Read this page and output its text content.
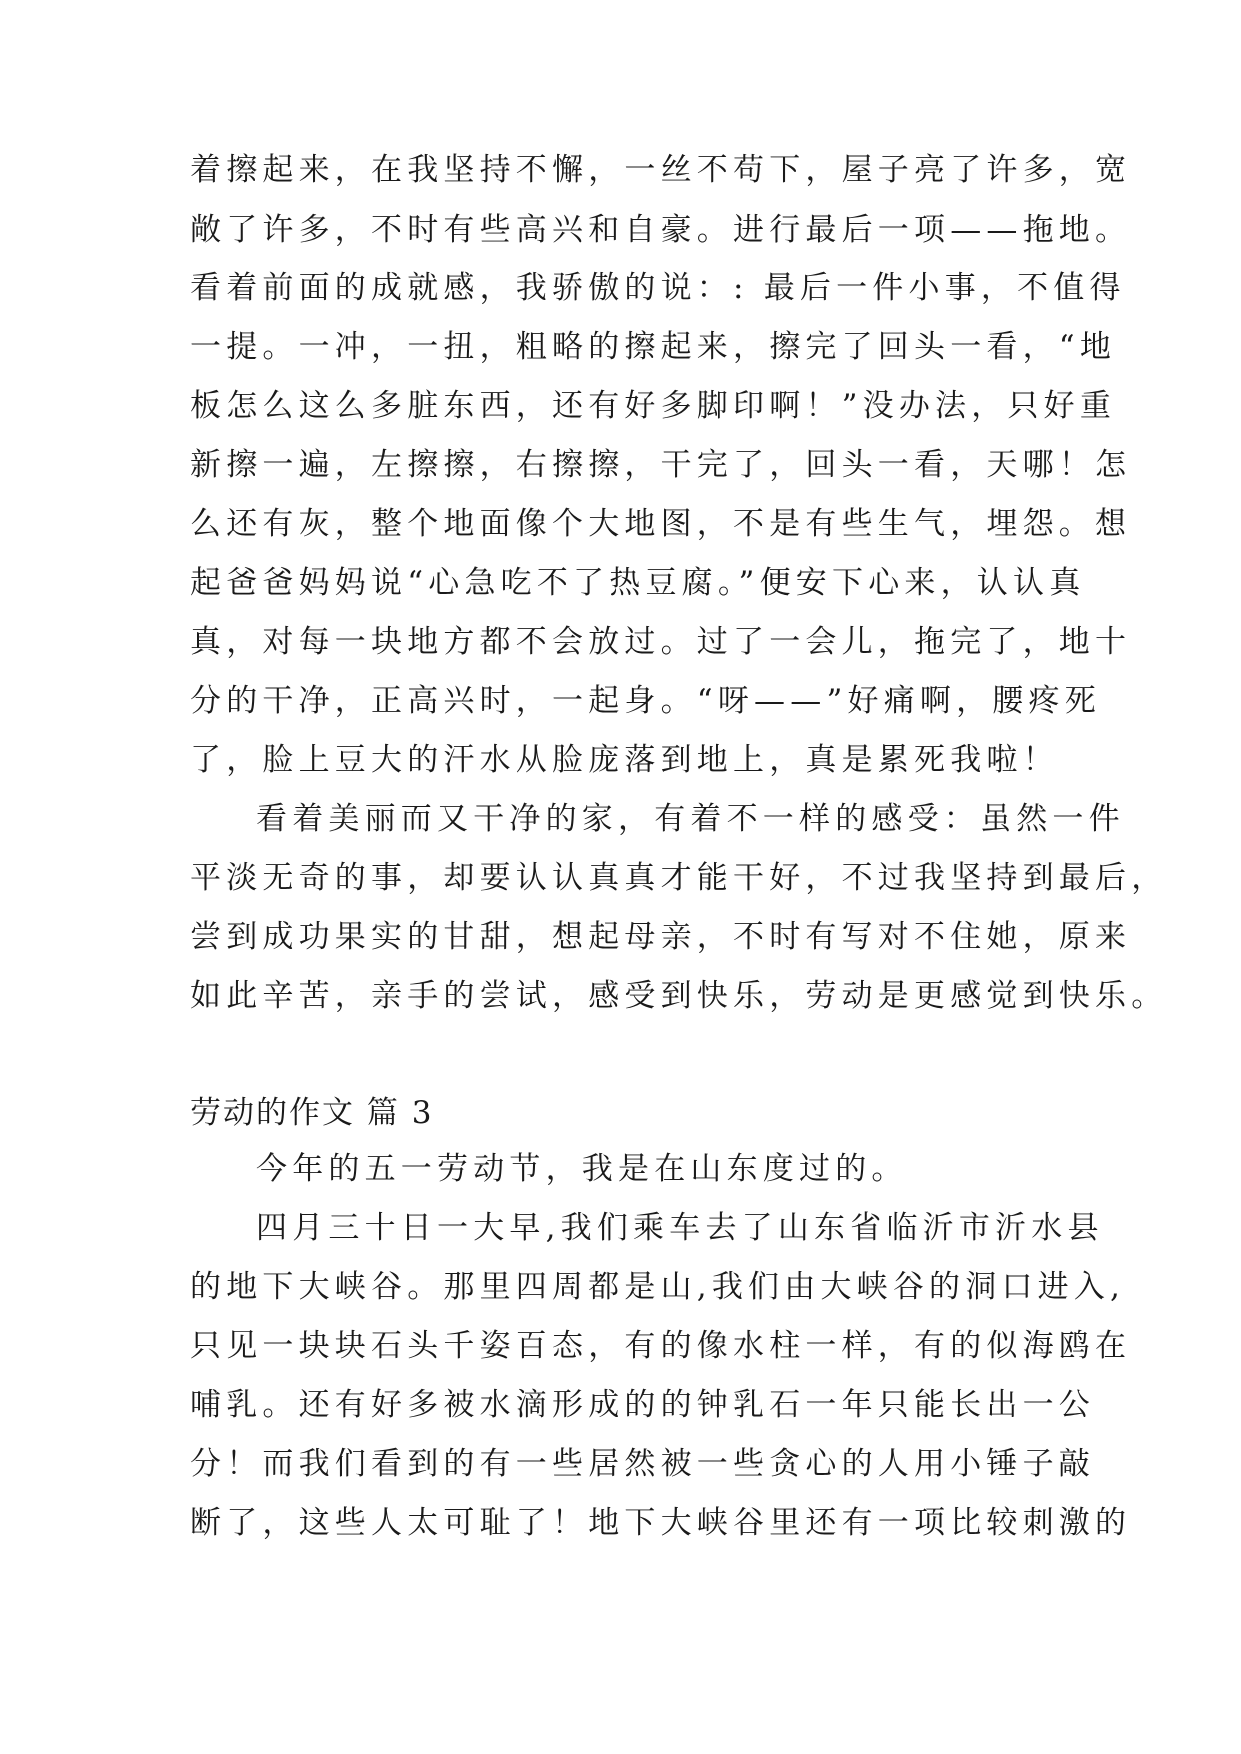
着擦起来，在我坚持不懈，一丝不苟下，屋子亮了许多，宽
敞了许多，不时有些高兴和自豪。进行最后一项——拖地。
看着前面的成就感，我骄傲的说：: 最后一件小事，不值得
一提。一冲，一扭，粗略的擦起来，擦完了回头一看，“地
板怎么这么多脏东西，还有好多脚印啊！”没办法，只好重
新擦一遍，左擦擦，右擦擦，干完了，回头一看，天哪！怎
么还有灰，整个地面像个大地图，不是有些生气，埋怨。想
起爸爸妈妈说“心急吃不了热豆腐。”便安下心来，认认真
真，对每一块地方都不会放过。过了一会儿，拖完了，地十
分的干净，正高兴时，一起身。“呀——”好痛啊，腰疼死
了，脸上豆大的汗水从脸庞落到地上，真是累死我啦！
看着美丽而又干净的家，有着不一样的感受：虽然一件
平淡无奇的事，却要认认真真才能干好，不过我坚持到最后，
尝到成功果实的甘甜，想起母亲，不时有写对不住她，原来
如此辛苦，亲手的尝试，感受到快乐，劳动是更感觉到快乐。
劳动的作文 篇 3
今年的五一劳动节，我是在山东度过的。
四月三十日一大早,我们乘车去了山东省临沂市沂水县
的地下大峡谷。那里四周都是山,我们由大峡谷的洞口进入,
只见一块块石头千姿百态，有的像水柱一样，有的似海鸥在
哺乳。还有好多被水滴形成的的钟乳石一年只能长出一公
分！而我们看到的有一些居然被一些贪心的人用小锤子敲
断了，这些人太可耻了！地下大峡谷里还有一项比较刺激的
